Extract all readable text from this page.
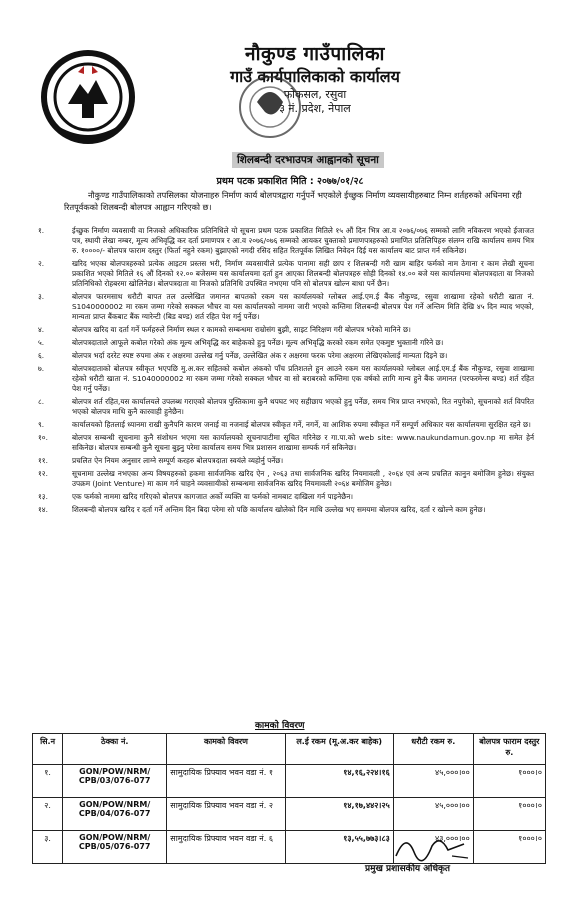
नौकुण्ड गाउँपालिका
गाउँ कार्यपालिकाको कार्यालय
फोकसल, रसुवा
३ नं. प्रदेश, नेपाल
शिलबन्दी दरभाउपत्र आह्वानको सूचना
प्रथम पटक प्रकाशित मिति : २०७७/०१/२८
नौकुण्ड गाउँपालिकाको तपसिलका योजनाहरु निर्माण कार्य बोलपत्रद्वारा गर्नुपर्ने भएकोले ईच्छुक निर्माण व्यवसायीहरुबाट निम्न शर्तहरुको अधिनमा रही रितपूर्वकको शिलबन्दी बोलपत्र आह्वान गरिएको छ।
१.	ईच्छुक निर्माण व्यवसायी वा निजको अधिकारिक प्रतिनिधिले यो सूचना प्रथम पटक प्रकाशित मितिले १५ औं दिन भित्र आ.व २०७६/०७६ सम्मको लागि नविकरण भएको ईजाजत पत्र, स्थायी लेखा नम्बर, मूल्य अभिवृद्धि कर दर्ता प्रमाणपत्र र आ.व २०७६/०७६ सम्मको आयकर चुक्ताको प्रमाणपत्रहरुको प्रमाणित प्रतिलिपिहरु संलग्न राखि कार्यालय समय भित्र रु. १००००/- बोलपत्र फाराम दस्तुर (फिर्ता नहुने रकम) बुझाएको नगदी रसिद सहित रितपूर्वक लिखित निवेदन दिई यस कार्यालय बाट प्राप्त गर्न सकिनेछ।
२.	खरिद भएका बोलपत्रहरुको प्रत्येक आइटम प्रस्तस भरी, निर्माण व्यवसायीले प्रत्येक पानामा सही छाप र शिलबन्दी गरी खाम बाहिर फर्मको नाम ठेगाना र काम लेखी सूचना प्रकाशित भएको मितिले १६ औं दिनको १२.०० बजेसम्म यस कार्यालयमा दर्ता हुन आएका शिलबन्दी बोलपत्रहरु सोही दिनको १४.०० बजे यस कार्यालयमा बोलपत्रदाता वा निजको प्रतिनिधिको रोहबरमा खोलिनेछ। बोलपत्रदाता वा निजको प्रतिनिधि उपस्थित नभएमा पनि सो बोलपत्र खोल्न बाधा पर्ने छैन।
३.	बोलपत्र फारमसाथ धरौटी बापत तल उल्लेखित जमानत बापतको रकम यस कार्यालयको ग्लोबल आई.एम.ई बैंक नौकुण्ड, रसुवा शाखामा रहेको धरौटी खाता नं. S1040000002 मा रकम जम्मा गरेको सक्कल भौचर वा यस कार्यालयको नाममा जारी भएको कम्तिमा शिलबन्दी बोलपत्र पेश गर्ने अन्तिम मिति देखि ४५ दिन म्याद भएको, मान्यता प्राप्त बैंकबाट बैंक ग्यारेन्टी (बिड बण्ड) शर्त रहित पेश गर्नु पर्नेछ।
४.	बोलपत्र खरिद वा दर्ता गर्ने फर्महरुले निर्माण स्थल र कामको सम्बन्धमा राम्रोसंग बुझी, साइट निरिक्षण गरी बोलपत्र भरेको मानिने छ।
५.	बोलपत्रदाताले आफूले कबोल गरेको अंक मूल्य अभिवृद्धि कर बाहेकको हुनु पर्नेछ। मूल्य अभिवृद्धि करको रकम समेत एकमुष्ट भुक्तानी गरिने छ।
६.	बोलपत्र भर्दा दररेट स्पष्ट रुपमा अंक र अक्षरमा उल्लेख गर्नु पर्नेछ, उल्लेखित अंक र अक्षरमा फरक परेमा अक्षरमा लेखिएकोलाई मान्यता दिइने छ।
७.	बोलपत्रदाताको बोलपत्र स्वीकृत भएपछि मु.अ.कर सहितको कबोल अंकको पाँच प्रतिशतले हुन आउने रकम यस कार्यालयको ग्लोबल आई.एम.ई बैंक नौकुण्ड, रसुवा शाखामा रहेको धरौटी खाता नं. S1040000002 मा रकम जम्मा गरेको सक्कल भौचर वा सो बराबरको कम्तिमा एक वर्षको लागि मान्य हुने बैंक जमानत (परफरमेन्स बण्ड) शर्त रहित पेश गर्नु पर्नेछ।
८.	बोलपत्र शर्त रहित,यस कार्यालयले उपलब्ध गराएको बोलपत्र पुस्तिकामा कुनै थपघट भए सहीछाप भएको हुनु पर्नेछ, समय भित्र प्राप्त नभएको, रित नपुगेको, सूचनाको शर्त विपरित भएको बोलपत्र माथि कुनै कारवाही हुनेछैन।
९.	कार्यालयको हितलाई ध्यानमा राखी कुनैपनि कारण जनाई वा नजनाई बोलपत्र स्वीकृत गर्ने, नगर्ने, वा आशिक रुपमा स्वीकृत गर्ने सम्पूर्ण अधिकार यस कार्यालयमा सुरक्षित रहने छ।
१०.	बोलपत्र सम्बन्धी सूचनामा कुनै संशोधन भएमा यस कार्यालयको सूचनापाटीमा सूचित गरिनेछ र गा.पा.को web site: www.naukundamun.gov.np मा समेत हेर्न सकिनेछ। बोलपत्र सम्बन्धी कुनै सूचना बुझ्नु परेमा कार्यालय समय भित्र प्रशासन शाखामा सम्पर्क गर्न सकिनेछ।
११.	प्रचलित ऐन नियम अनुसार लाग्ने सम्पूर्ण करहरु बोलपत्रदाता स्वयंले व्यहोर्नु पर्नेछ।
१२.	सूचनामा उल्लेख नभएका अन्य विषयहरुको हकमा सार्वजनिक खरिद ऐन , २०६३ तथा सार्वजनिक खरिद नियमावली , २०६४ एवं अन्य प्रचलित कानुन बमोजिम हुनेछ। संयुक्त उपक्रम (Joint Venture) मा काम गर्न चाहने व्यवसायीको सम्बन्धमा सार्वजनिक खरिद नियमावली २०६४ बमोजिम हुनेछ।
१३.	एक फर्मको नाममा खरिद गरिएको बोलपत्र कागजात अर्को व्यक्ति वा फर्मको नामबाट दाखिला गर्न पाइनेछैन।
१४.	शिलबन्दी बोलपत्र खरिद र दर्ता गर्ने अन्तिम दिन बिदा परेमा सो पछि कार्यालय खोलेको दिन माथि उल्लेख भए समयमा बोलपत्र खरिद, दर्ता र खोल्ने काम हुनेछ।
कामको विवरण
सि.न	ठेक्का नं.	कामको विवरण	ल.ई रकम (मू.अ.कर बाहेक)	धरौटी रकम रु.	बोलपत्र फाराम दस्तुर रु.
१.	GON/POW/NRM/ CPB/03/076-077	सामुदायिक प्रिफ्याव भवन वडा नं. १	१४,१६,२२४।१६	४५,०००।००	१०००।०
२.	GON/POW/NRM/ CPB/04/076-077	सामुदायिक प्रिफ्याव भवन वडा नं. २	१४,१७,४४२।२५	४५,०००।००	१०००।०
३.	GON/POW/NRM/ CPB/05/076-077	सामुदायिक प्रिफ्याव भवन वडा नं. ६	१३,५५,७७३।८३	४३,०००।००	१०००।०
प्रमुख प्रशासकीय अधिकृत
